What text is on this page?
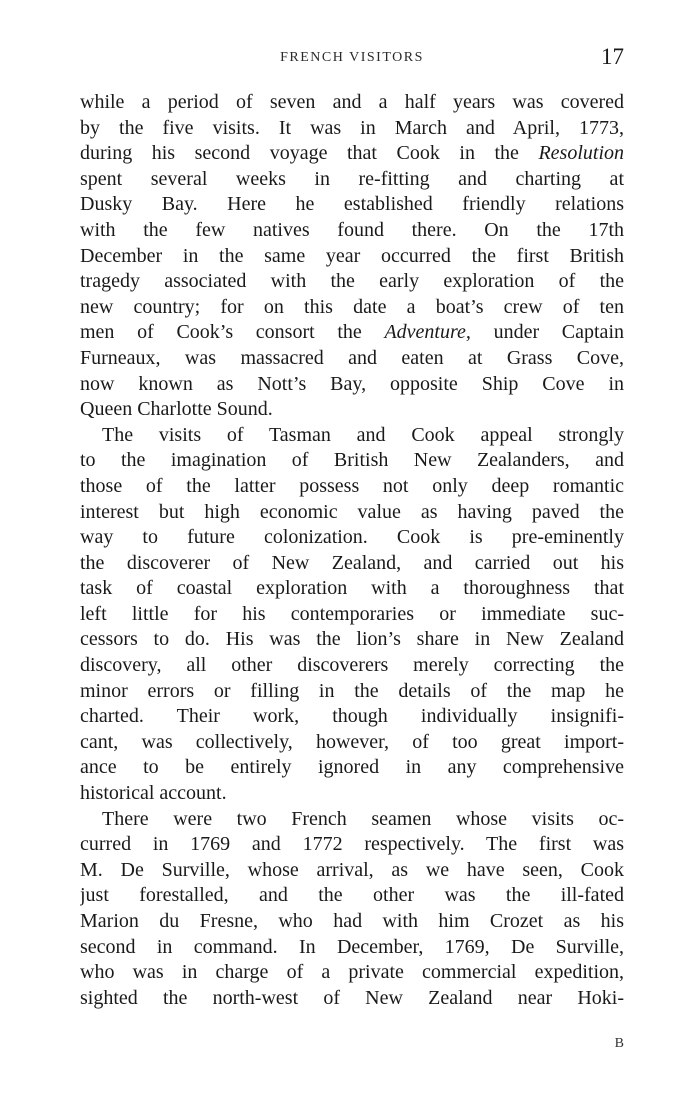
FRENCH VISITORS	17
while a period of seven and a half years was covered
by the five visits. It was in March and April, 1773,
during his second voyage that Cook in the Resolution
spent several weeks in re-fitting and charting at
Dusky Bay. Here he established friendly relations
with the few natives found there. On the 17th
December in the same year occurred the first British
tragedy associated with the early exploration of the
new country; for on this date a boat’s crew of ten
men of Cook’s consort the Adventure, under Captain
Furneaux, was massacred and eaten at Grass Cove,
now known as Nott’s Bay, opposite Ship Cove in
Queen Charlotte Sound.
The visits of Tasman and Cook appeal strongly
to the imagination of British New Zealanders, and
those of the latter possess not only deep romantic
interest but high economic value as having paved the
way to future colonization. Cook is pre-eminently
the discoverer of New Zealand, and carried out his
task of coastal exploration with a thoroughness that
left little for his contemporaries or immediate suc-
cessors to do. His was the lion’s share in New Zealand
discovery, all other discoverers merely correcting the
minor errors or filling in the details of the map he
charted. Their work, though individually insignifi-
cant, was collectively, however, of too great import-
ance to be entirely ignored in any comprehensive
historical account.
There were two French seamen whose visits oc-
curred in 1769 and 1772 respectively. The first was
M. De Surville, whose arrival, as we have seen, Cook
just forestalled, and the other was the ill-fated
Marion du Fresne, who had with him Crozet as his
second in command. In December, 1769, De Surville,
who was in charge of a private commercial expedition,
sighted the north-west of New Zealand near Hoki-
B
